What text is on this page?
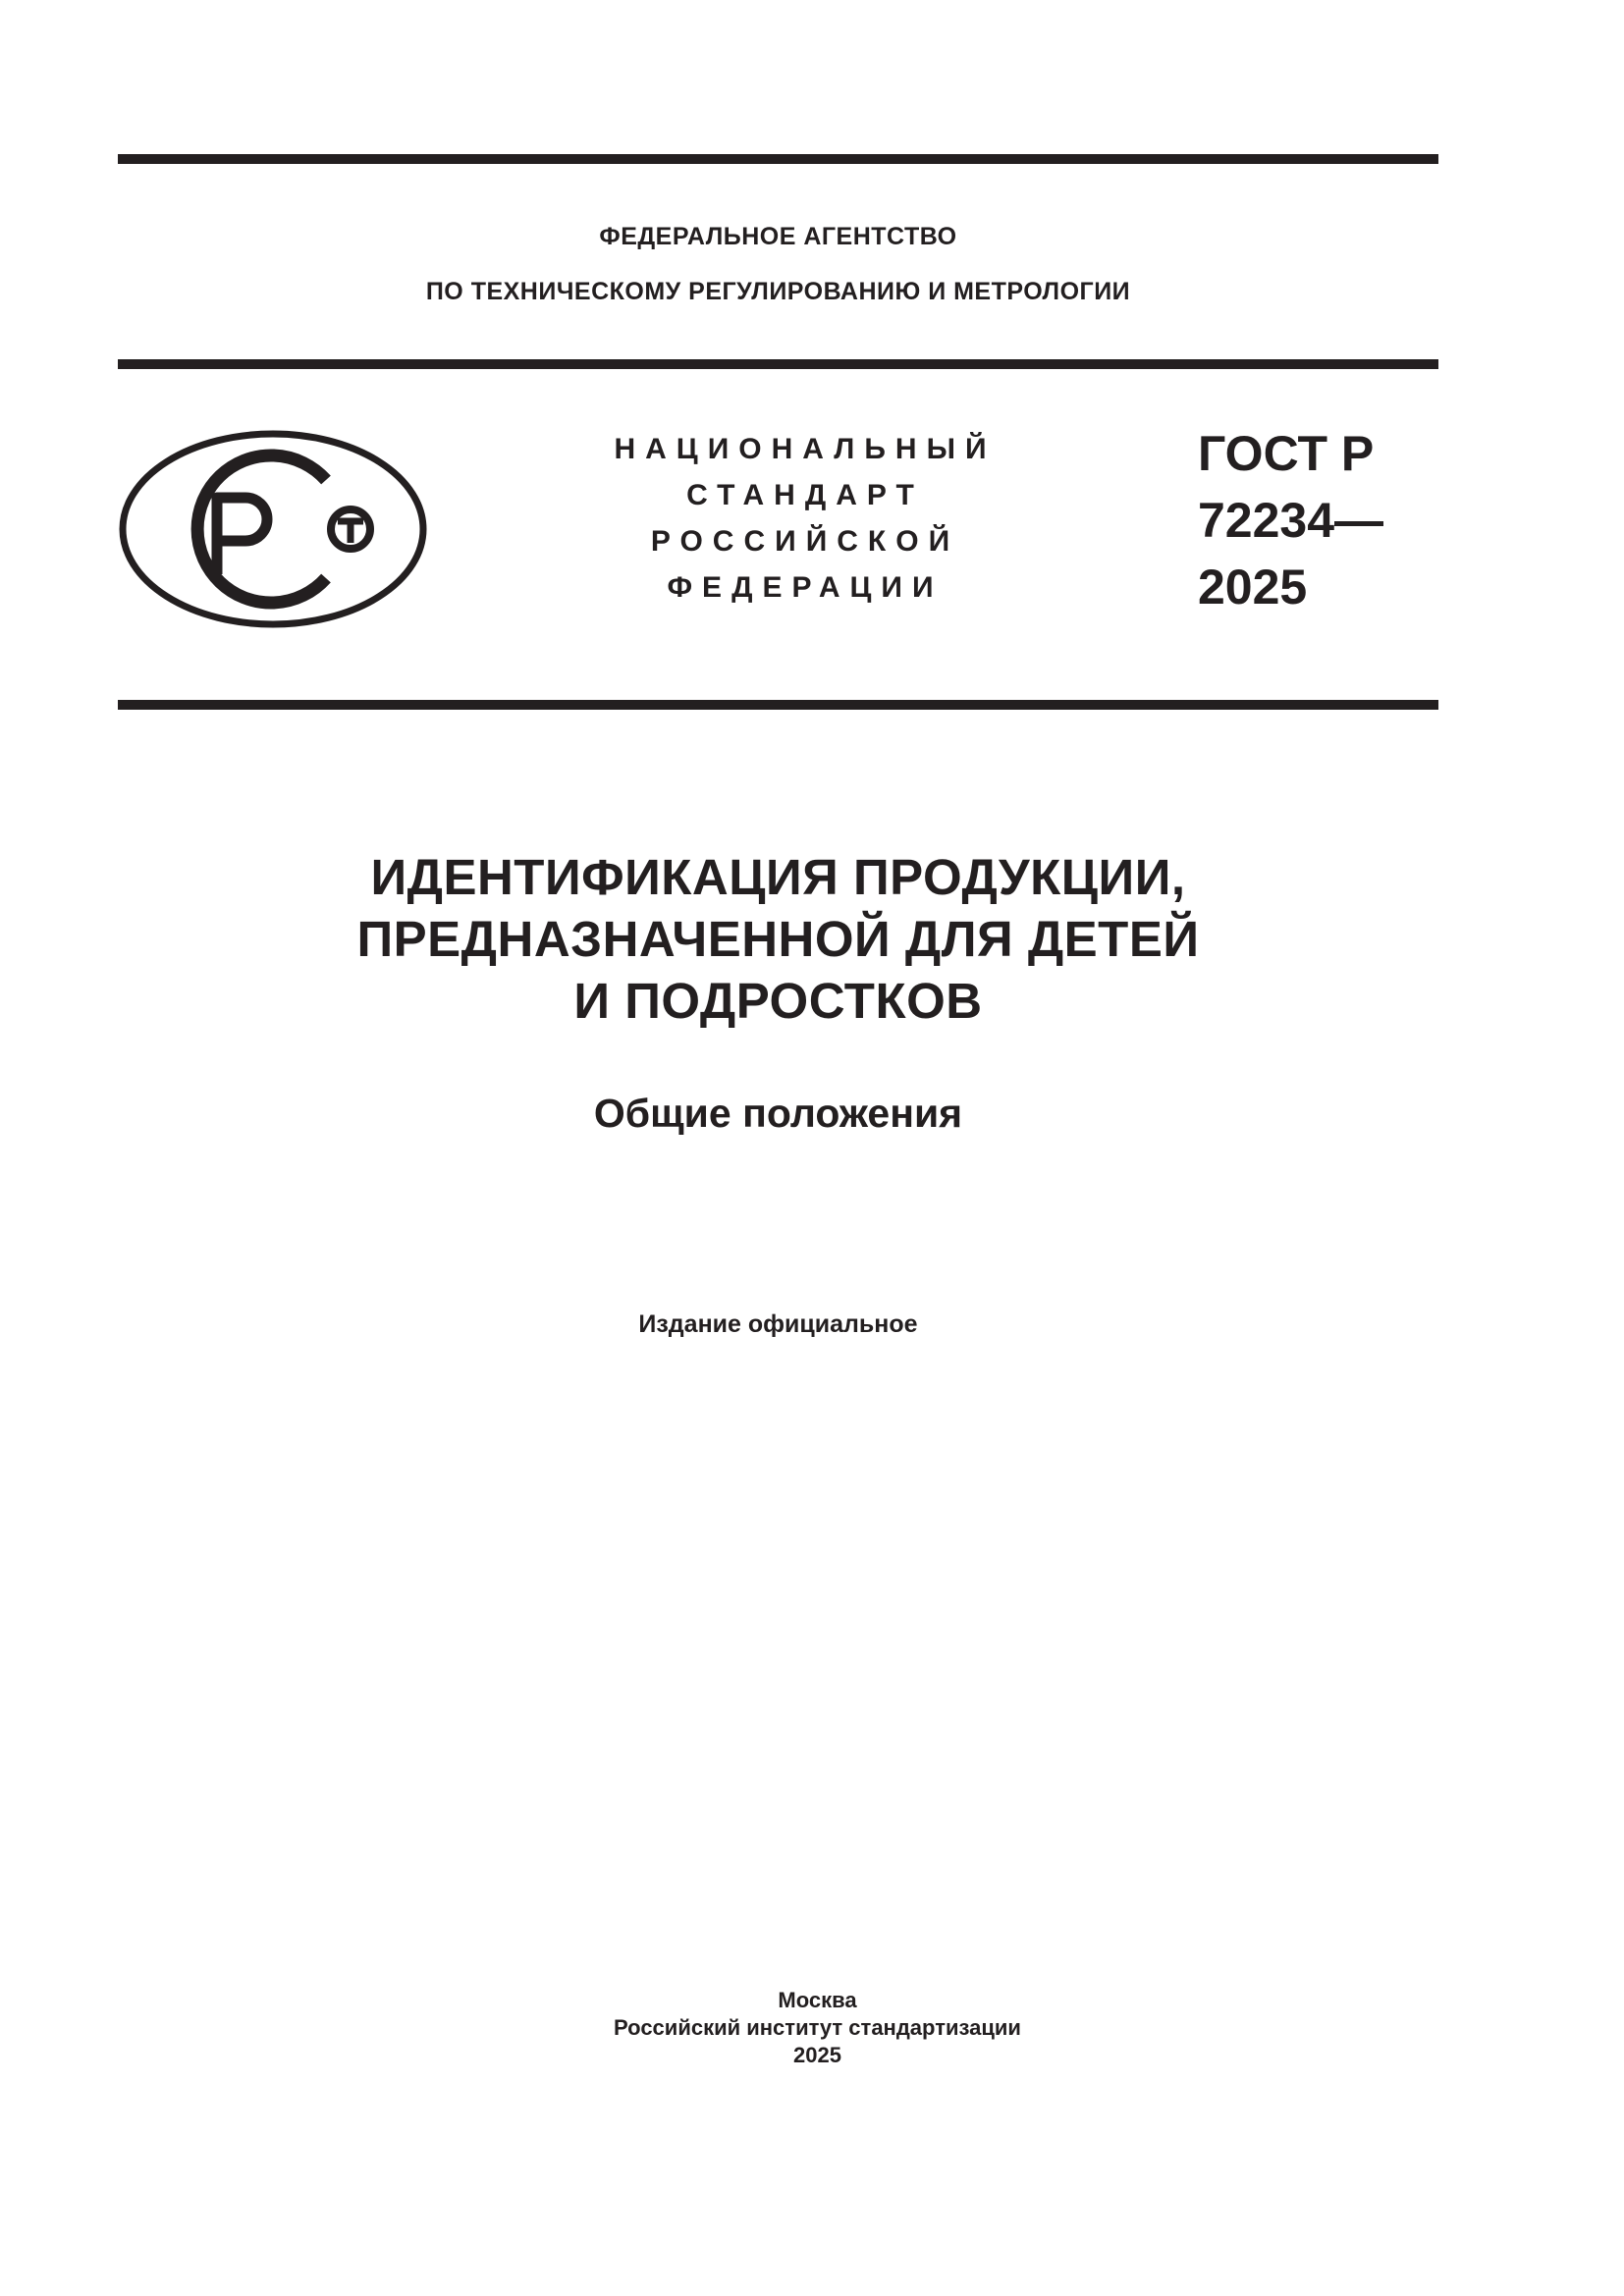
ФЕДЕРАЛЬНОЕ АГЕНТСТВО
ПО ТЕХНИЧЕСКОМУ РЕГУЛИРОВАНИЮ И МЕТРОЛОГИИ
НАЦИОНАЛЬНЫЙ
СТАНДАРТ
РОССИЙСКОЙ
ФЕДЕРАЦИИ
ГОСТ Р
72234—
2025
ИДЕНТИФИКАЦИЯ ПРОДУКЦИИ,
ПРЕДНАЗНАЧЕННОЙ ДЛЯ ДЕТЕЙ
И ПОДРОСТКОВ
Общие положения
Издание официальное
Москва
Российский институт стандартизации
2025
